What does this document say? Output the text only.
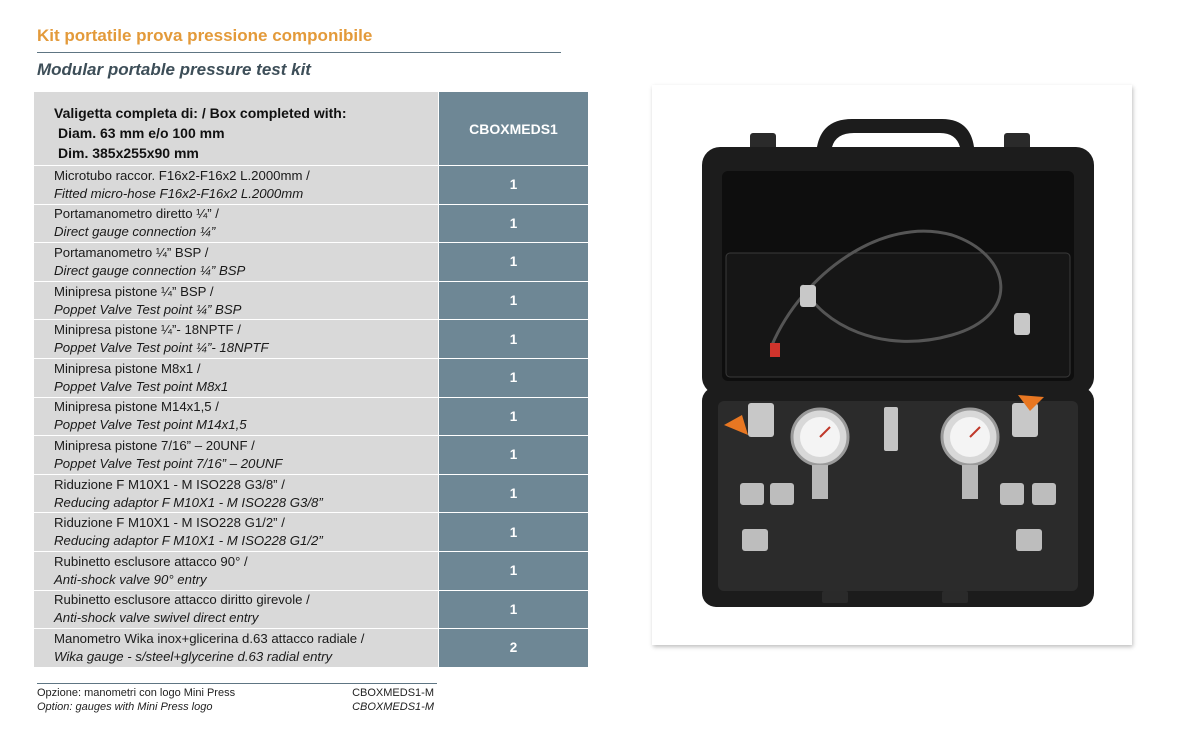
Kit portatile prova pressione componibile
Modular portable pressure test kit
Valigetta completa di: / Box completed with:
Diam. 63 mm e/o 100 mm
Dim. 385x255x90 mm	CBOXMEDS1

Microtubo raccor. F16x2-F16x2 L.2000mm /
Fitted micro-hose F16x2-F16x2 L.2000mm	1

Portamanometro diretto ¼” /
Direct gauge connection ¼”	1

Portamanometro ¼” BSP /
Direct gauge connection ¼” BSP	1

Minipresa pistone ¼” BSP /
Poppet Valve Test point ¼” BSP	1

Minipresa pistone ¼”- 18NPTF /
Poppet Valve Test point ¼”- 18NPTF	1

Minipresa pistone M8x1 /
Poppet Valve Test point M8x1	1

Minipresa pistone M14x1,5 /
Poppet Valve Test point M14x1,5	1

Minipresa pistone 7/16” – 20UNF /
Poppet Valve Test point 7/16” – 20UNF	1

Riduzione F M10X1 - M ISO228 G3/8” /
Reducing adaptor F M10X1 - M ISO228 G3/8”	1

Riduzione F M10X1 - M ISO228 G1/2” /
Reducing adaptor F M10X1 - M ISO228 G1/2”	1

Rubinetto esclusore attacco 90° /
Anti-shock valve 90° entry	1

Rubinetto esclusore attacco diritto girevole /
Anti-shock valve swivel direct entry	1

Manometro Wika inox+glicerina d.63 attacco radiale /
Wika gauge - s/steel+glycerine d.63 radial entry	2
Opzione: manometri con logo Mini Press	CBOXMEDS1-M
Option: gauges with Mini Press logo	CBOXMEDS1-M
